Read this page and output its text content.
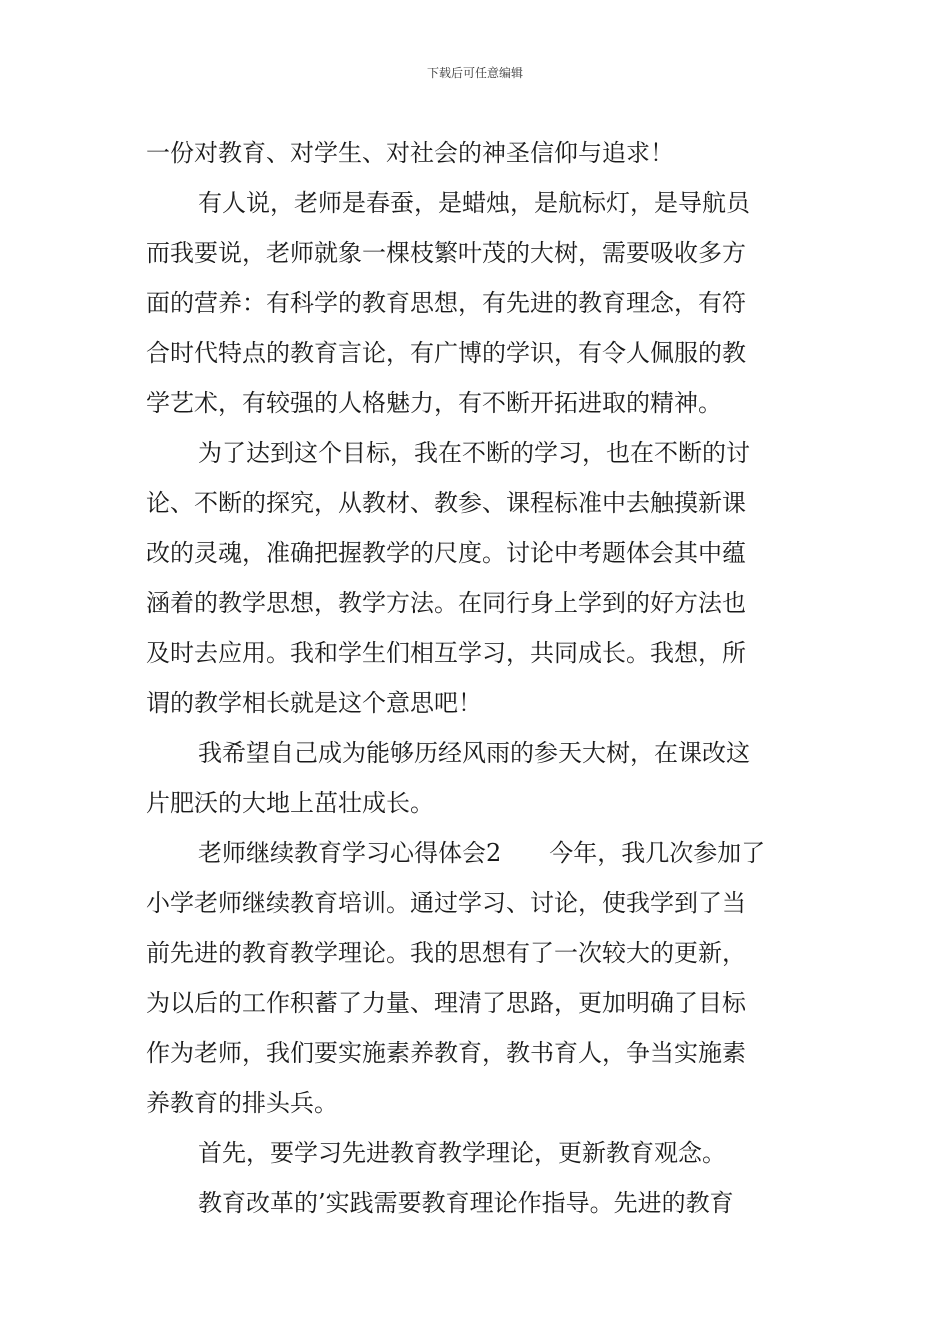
下载后可任意编辑
一份对教育、对学生、对社会的神圣信仰与追求！
有人说，老师是春蚕，是蜡烛，是航标灯，是导航员
而我要说，老师就象一棵枝繁叶茂的大树，需要吸收多方
面的营养：有科学的教育思想，有先进的教育理念，有符
合时代特点的教育言论，有广博的学识，有令人佩服的教
学艺术，有较强的人格魅力，有不断开拓进取的精神。
为了达到这个目标，我在不断的学习，也在不断的讨
论、不断的探究，从教材、教参、课程标准中去触摸新课
改的灵魂，准确把握教学的尺度。讨论中考题体会其中蕴
涵着的教学思想，教学方法。在同行身上学到的好方法也
及时去应用。我和学生们相互学习，共同成长。我想，所
谓的教学相长就是这个意思吧！
我希望自己成为能够历经风雨的参天大树，在课改这
片肥沃的大地上茁壮成长。
老师继续教育学习心得体会2　　今年，我几次参加了
小学老师继续教育培训。通过学习、讨论，使我学到了当
前先进的教育教学理论。我的思想有了一次较大的更新，
为以后的工作积蓄了力量、理清了思路，更加明确了目标
作为老师，我们要实施素养教育，教书育人，争当实施素
养教育的排头兵。
首先，要学习先进教育教学理论，更新教育观念。
教育改革的’实践需要教育理论作指导。先进的教育
